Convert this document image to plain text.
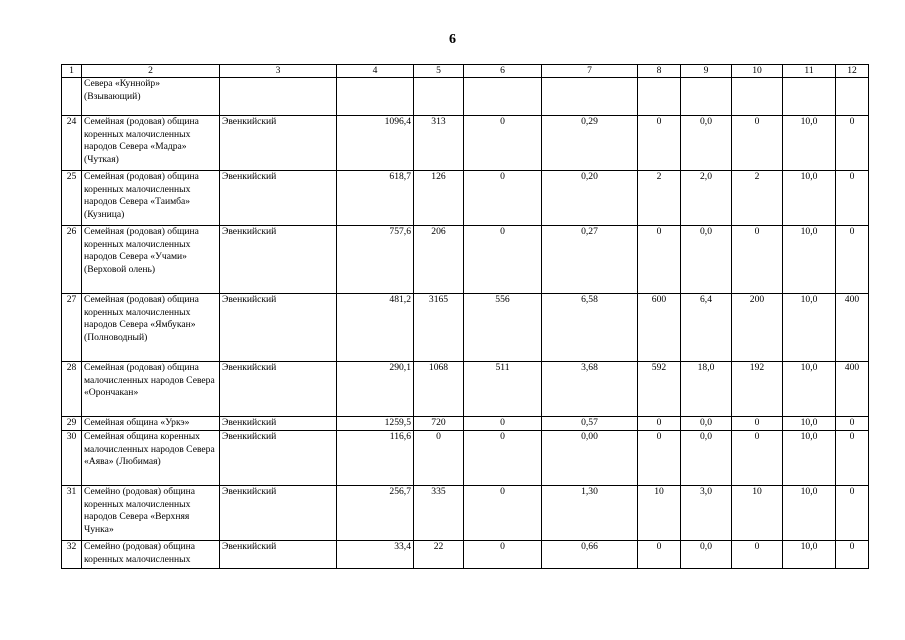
6
1	2	3	4	5	6	7	8	9	10	11	12
	Севера «Куннойр» (Взывающий)										
24	Семейная (родовая) община коренных малочисленных народов Севера «Мадра» (Чуткая)	Эвенкийский	1096,4	313	0	0,29	0	0,0	0	10,0	0
25	Семейная (родовая) община коренных малочисленных народов Севера «Таимба» (Кузница)	Эвенкийский	618,7	126	0	0,20	2	2,0	2	10,0	0
26	Семейная (родовая) община коренных малочисленных народов Севера «Учами» (Верховой олень)	Эвенкийский	757,6	206	0	0,27	0	0,0	0	10,0	0
27	Семейная (родовая) община коренных малочисленных народов Севера «Ямбукан» (Полноводный)	Эвенкийский	481,2	3165	556	6,58	600	6,4	200	10,0	400
28	Семейная (родовая) община малочисленных народов Севера «Орончакан»	Эвенкийский	290,1	1068	511	3,68	592	18,0	192	10,0	400
29	Семейная община «Уркэ»	Эвенкийский	1259,5	720	0	0,57	0	0,0	0	10,0	0
30	Семейная община коренных малочисленных народов Севера «Аява» (Любимая)	Эвенкийский	116,6	0	0	0,00	0	0,0	0	10,0	0
31	Семейно (родовая) община коренных малочисленных народов Севера «Верхняя Чунка»	Эвенкийский	256,7	335	0	1,30	10	3,0	10	10,0	0
32	Семейно (родовая) община коренных малочисленных	Эвенкийский	33,4	22	0	0,66	0	0,0	0	10,0	0
